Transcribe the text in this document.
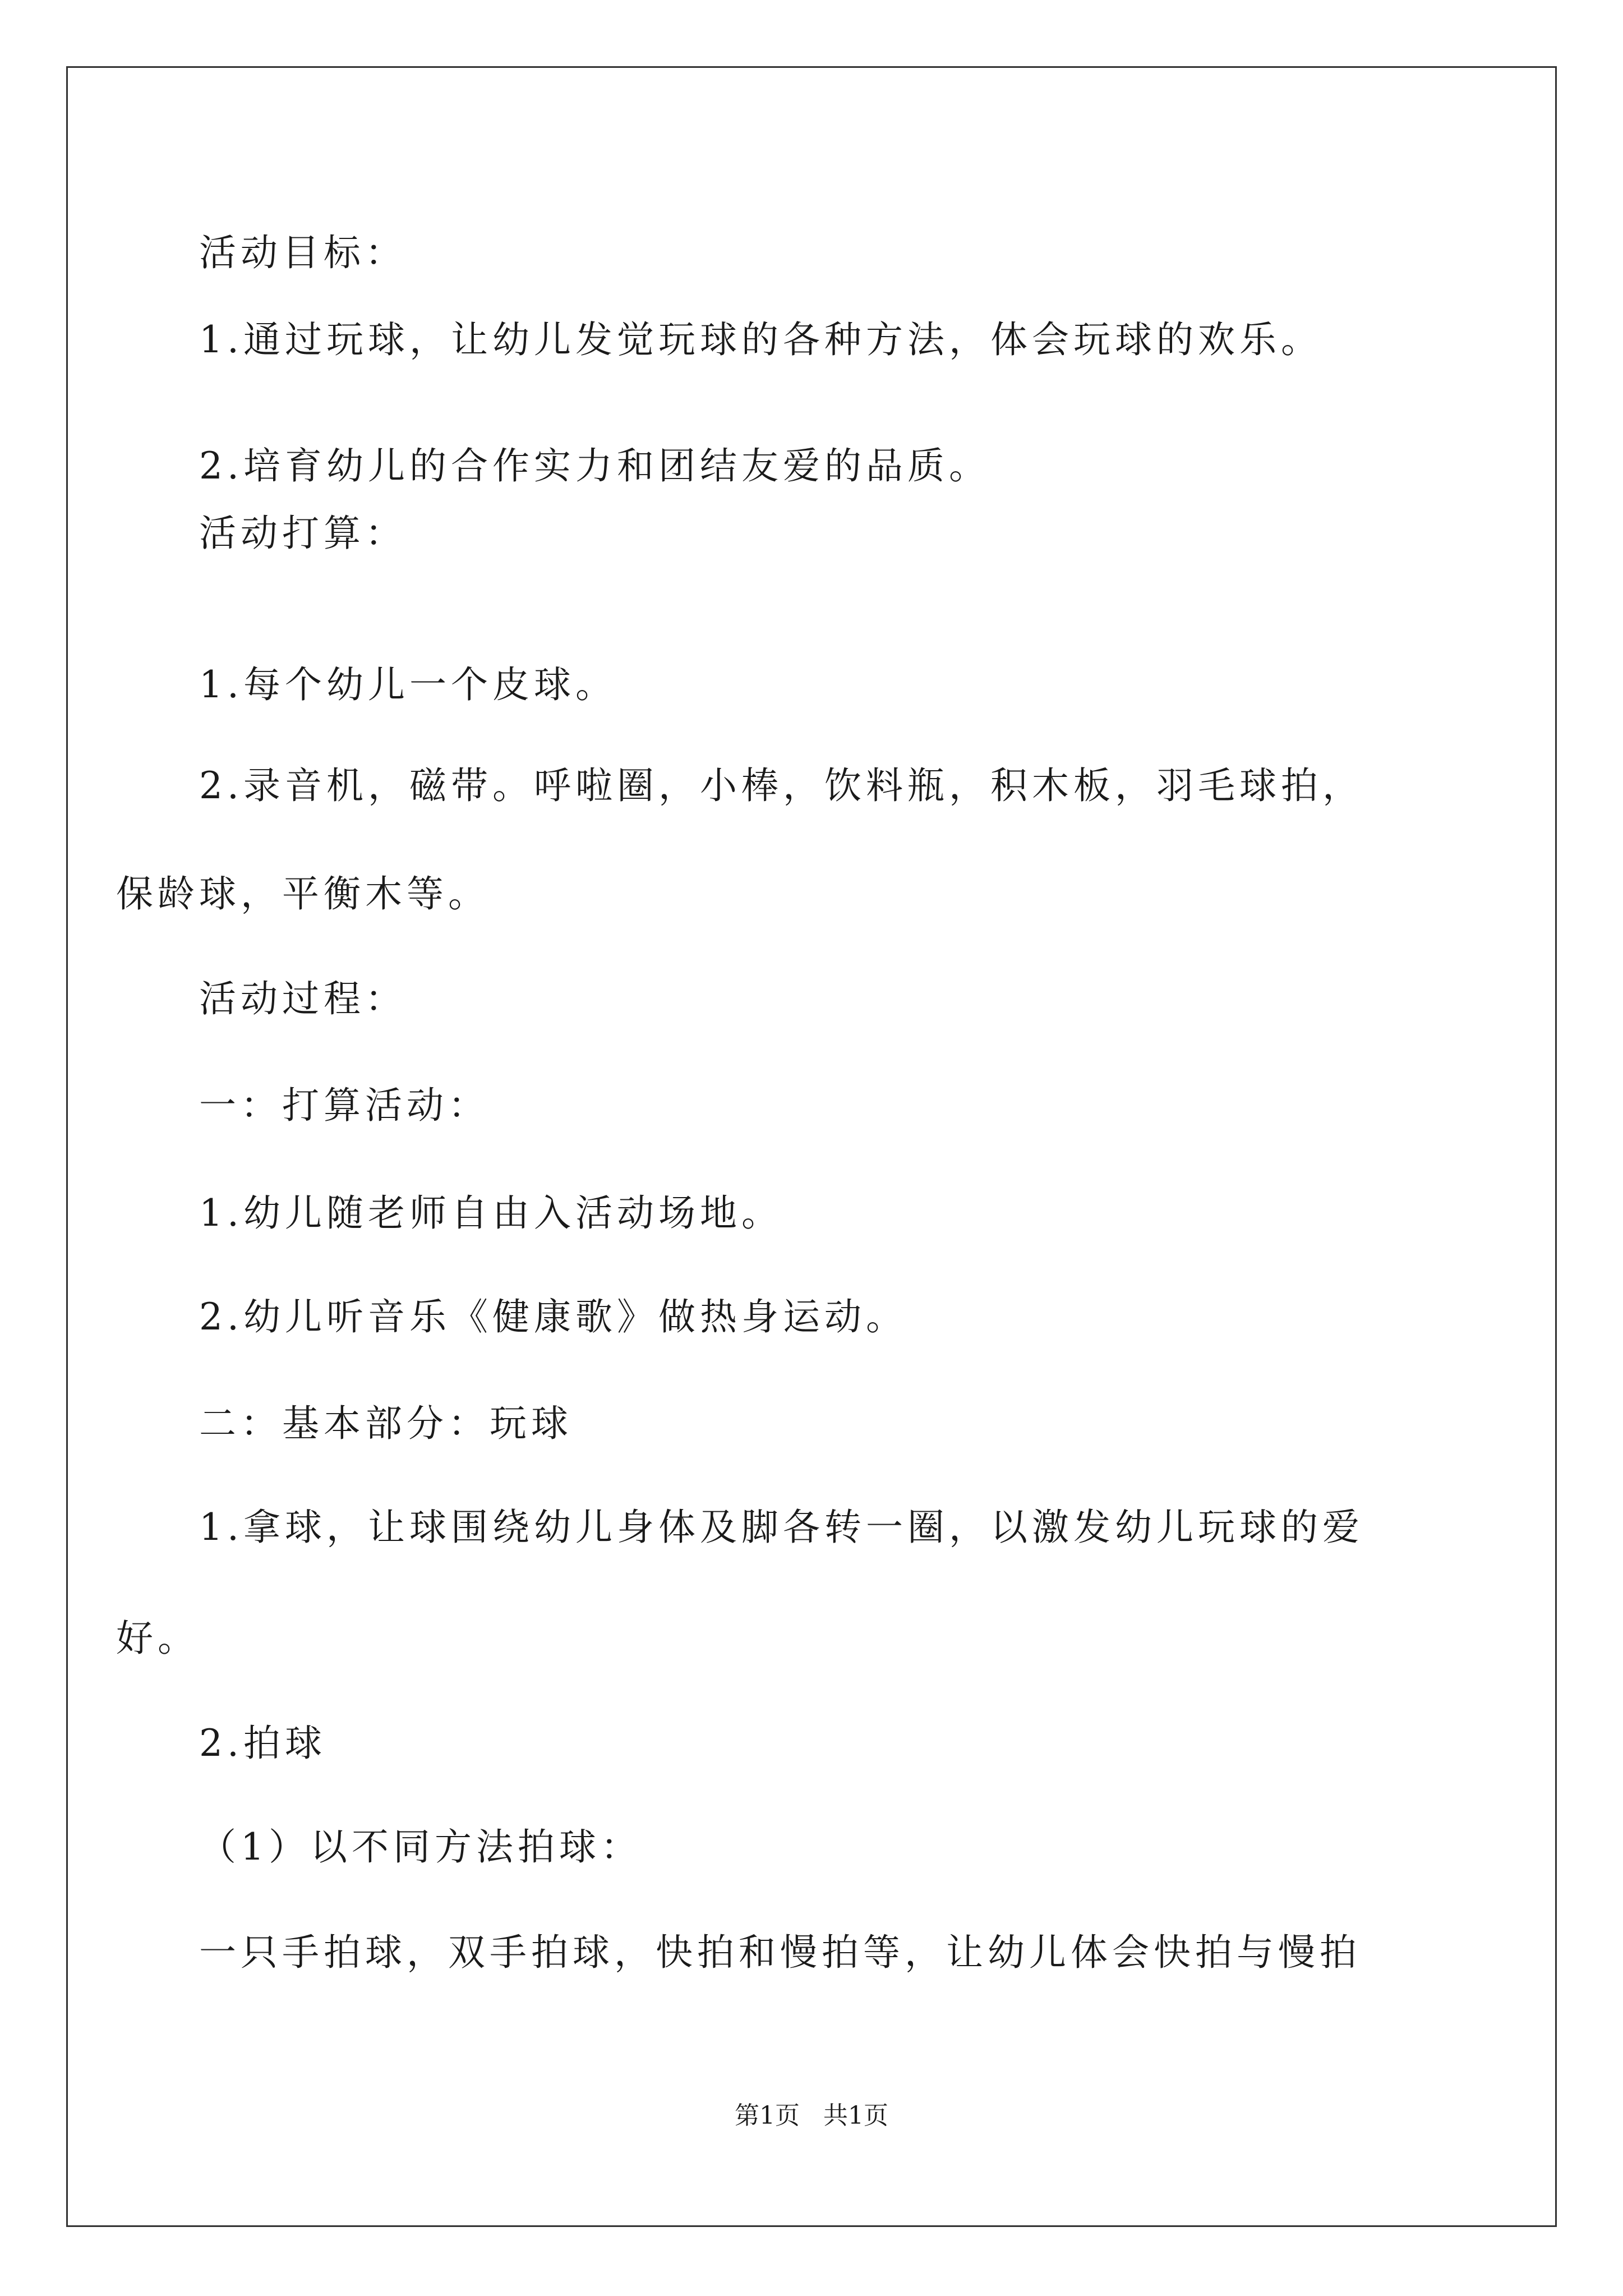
活动目标：
1.通过玩球，让幼儿发觉玩球的各种方法，体会玩球的欢乐。
2.培育幼儿的合作实力和团结友爱的品质。
活动打算：
1.每个幼儿一个皮球。
2.录音机，磁带。呼啦圈，小棒，饮料瓶，积木板，羽毛球拍，
保龄球，平衡木等。
活动过程：
一：打算活动：
1.幼儿随老师自由入活动场地。
2.幼儿听音乐《健康歌》做热身运动。
二：基本部分：玩球
1.拿球，让球围绕幼儿身体及脚各转一圈，以激发幼儿玩球的爱
好。
2.拍球
（1）以不同方法拍球：
一只手拍球，双手拍球，快拍和慢拍等，让幼儿体会快拍与慢拍
第1页   共1页
